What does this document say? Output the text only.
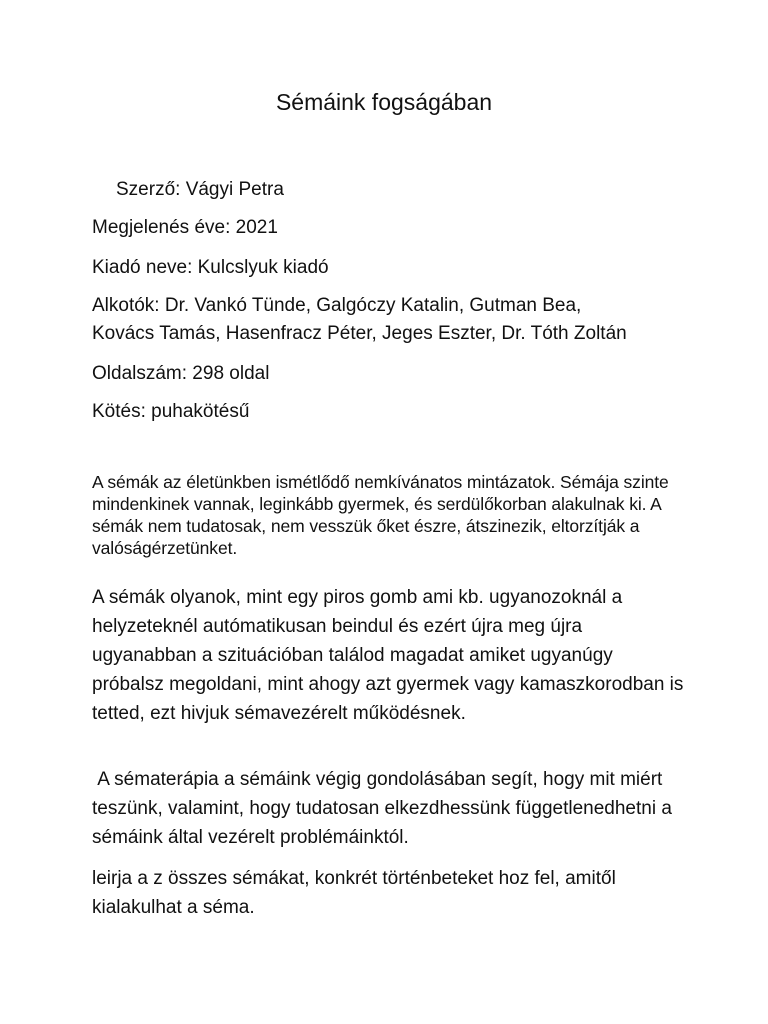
Sémáink fogságában
Szerző: Vágyi Petra
Megjelenés éve: 2021
Kiadó neve: Kulcslyuk kiadó
Alkotók: Dr. Vankó Tünde, Galgóczy Katalin, Gutman Bea,
Kovács Tamás, Hasenfracz Péter, Jeges Eszter, Dr. Tóth Zoltán
Oldalszám: 298 oldal
Kötés: puhakötésű
A sémák az életünkben ismétlődő nemkívánatos mintázatok. Sémája szinte mindenkinek vannak, leginkább gyermek, és serdülőkorban alakulnak ki. A sémák nem tudatosak, nem vesszük őket észre, átszinezik, eltorzítják a valóságérzetünket.
A sémák olyanok, mint egy piros gomb ami kb. ugyanozoknál a helyzeteknél autómatikusan beindul és ezért újra meg újra ugyanabban a szituációban találod magadat amiket ugyanúgy próbalsz megoldani, mint ahogy azt gyermek vagy kamaszkorodban is tetted, ezt hivjuk sémavezérelt működésnek.
A sématerápia a sémáink végig gondolásában segít, hogy mit miért teszünk, valamint, hogy tudatosan elkezdhessünk függetlenedhetni a sémáink által vezérelt problémáinktól.
leirja a z összes sémákat, konkrét történbeteket hoz fel, amitől kialakulhat a séma.
